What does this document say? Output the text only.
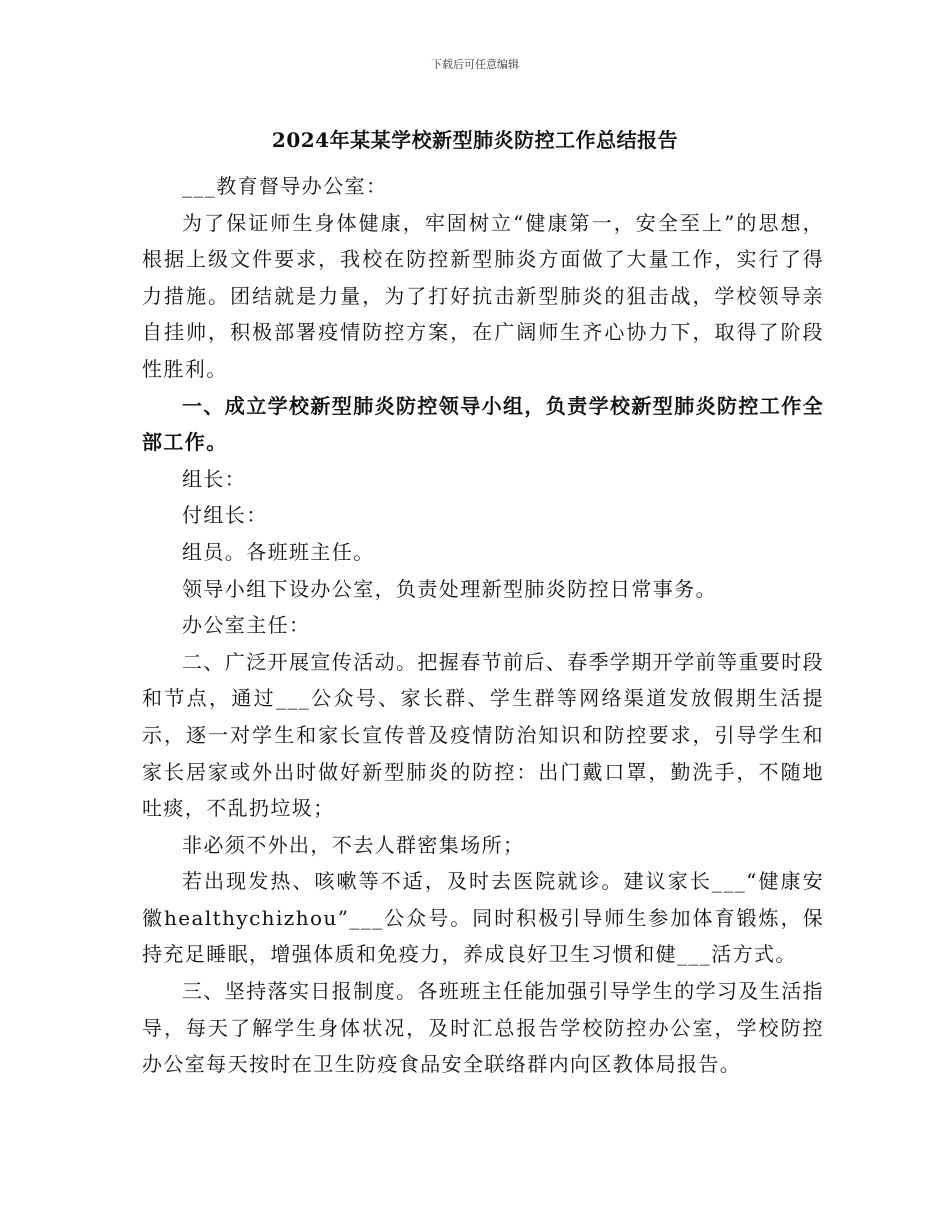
下载后可任意编辑
2024年某某学校新型肺炎防控工作总结报告

___教育督导办公室：

为了保证师生身体健康，牢固树立“健康第一，安全至上”的思想，根据上级文件要求，我校在防控新型肺炎方面做了大量工作，实行了得力措施。团结就是力量，为了打好抗击新型肺炎的狙击战，学校领导亲自挂帅，积极部署疫情防控方案，在广阔师生齐心协力下，取得了阶段性胜利。

一、成立学校新型肺炎防控领导小组，负责学校新型肺炎防控工作全部工作。

组长：

付组长：

组员。各班班主任。

领导小组下设办公室，负责处理新型肺炎防控日常事务。

办公室主任：

二、广泛开展宣传活动。把握春节前后、春季学期开学前等重要时段和节点，通过___公众号、家长群、学生群等网络渠道发放假期生活提示，逐一对学生和家长宣传普及疫情防治知识和防控要求，引导学生和家长居家或外出时做好新型肺炎的防控：出门戴口罩，勤洗手，不随地吐痰，不乱扔垃圾；

非必须不外出，不去人群密集场所；

若出现发热、咳嗽等不适，及时去医院就诊。建议家长___“健康安徽healthychizhou”___公众号。同时积极引导师生参加体育锻炼，保持充足睡眠，增强体质和免疫力，养成良好卫生习惯和健___活方式。

三、坚持落实日报制度。各班班主任能加强引导学生的学习及生活指导，每天了解学生身体状况，及时汇总报告学校防控办公室，学校防控办公室每天按时在卫生防疫食品安全联络群内向区教体局报告。
